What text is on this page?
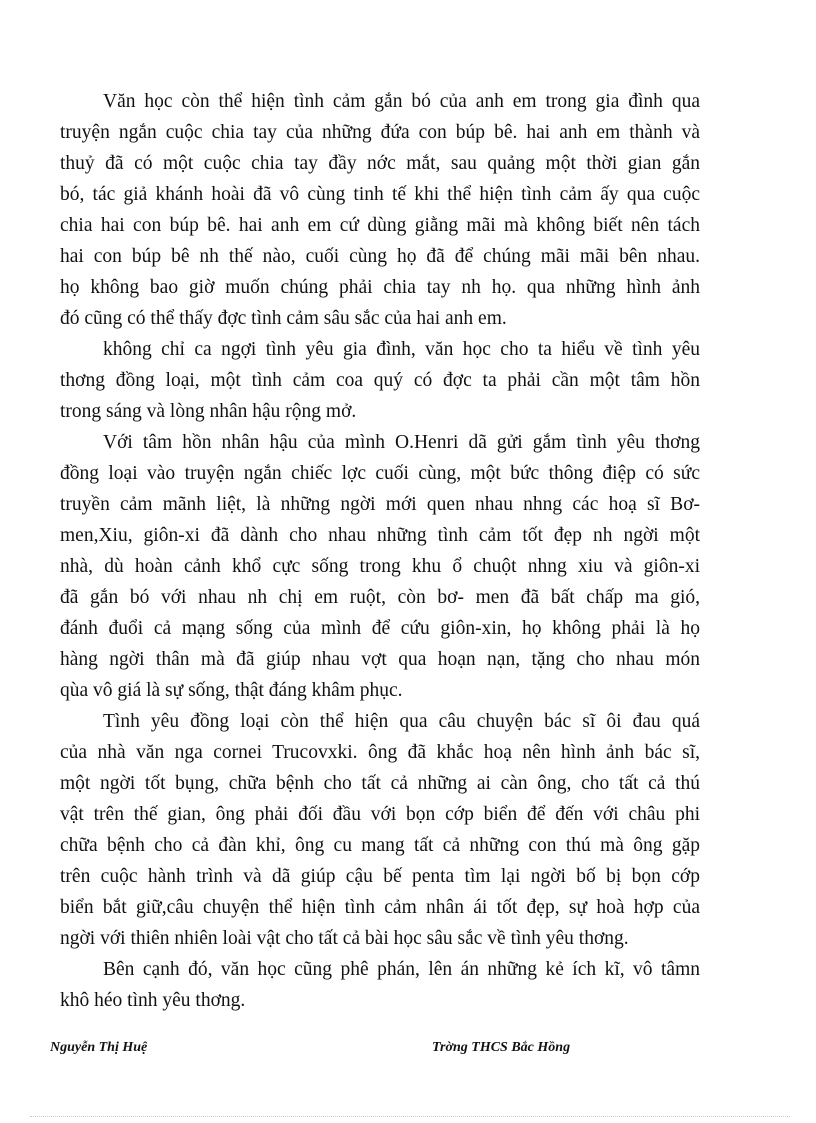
Văn học còn thể hiện tình cảm gắn bó của anh em trong gia đình qua
truyện ngắn cuộc chia tay của những đứa con búp bê. hai anh em thành và
thuỷ đã có một cuộc chia tay đầy nớc mắt, sau quảng một thời gian gắn
bó, tác giả khánh hoài đã vô cùng tinh tế khi thể hiện tình cảm ấy qua cuộc
chia hai con búp bê. hai anh em cứ dùng giằng mãi mà không biết nên tách
hai con búp bê nh thế nào, cuối cùng họ đã để chúng mãi mãi bên nhau.
họ không bao giờ muốn chúng phải chia tay nh họ. qua những hình ảnh
đó cũng có thể thấy đợc tình cảm sâu sắc của hai anh em.
không chỉ ca ngợi tình yêu gia đình, văn học cho ta hiểu về tình yêu
thơng đồng loại, một tình cảm coa quý có đợc ta phải cần một tâm hồn
trong sáng và lòng nhân hậu rộng mở.
Với tâm hồn nhân hậu của mình O.Henri dã gửi gắm tình yêu thơng
đồng loại vào truyện ngắn chiếc lợc cuối cùng, một bức thông điệp có sức
truyền cảm mãnh liệt, là những ngời mới quen nhau nhng các hoạ sĩ Bơ-
men,Xiu, giôn-xi đã dành cho nhau những tình cảm tốt đẹp nh ngời một
nhà, dù hoàn cảnh khổ cực sống trong khu ổ chuột nhng xiu và giôn-xi
đã gắn bó với nhau nh chị em ruột, còn bơ- men đã bất chấp ma gió,
đánh đuổi cả mạng sống của mình để cứu giôn-xin, họ không phải là họ
hàng ngời thân mà đã giúp nhau vợt qua hoạn nạn, tặng cho nhau món
qùa vô giá là sự sống, thật đáng khâm phục.
Tình yêu đồng loại còn thể hiện qua câu chuyện bác sĩ ôi đau quá
của nhà văn nga cornei Trucovxki. ông đã khắc hoạ nên hình ảnh bác sĩ,
một ngời tốt bụng, chữa bệnh cho tất cả những ai càn ông, cho tất cả thú
vật trên thế gian, ông phải đối đầu với bọn cớp biển để đến với châu phi
chữa bệnh cho cả đàn khỉ, ông cu mang tất cả những con thú mà ông gặp
trên cuộc hành trình và dã giúp cậu bế penta tìm lại ngời bố bị bọn cớp
biển bắt giữ,câu chuyện thể hiện tình cảm nhân ái tốt đẹp, sự hoà hợp của
ngời với thiên nhiên loài vật cho tất cả bài học sâu sắc về tình yêu thơng.
Bên cạnh đó, văn học cũng phê phán, lên án những kẻ ích kĩ, vô tâmn
khô héo tình yêu thơng.
Nguyễn Thị Huệ	Trờng THCS Bắc Hồng
